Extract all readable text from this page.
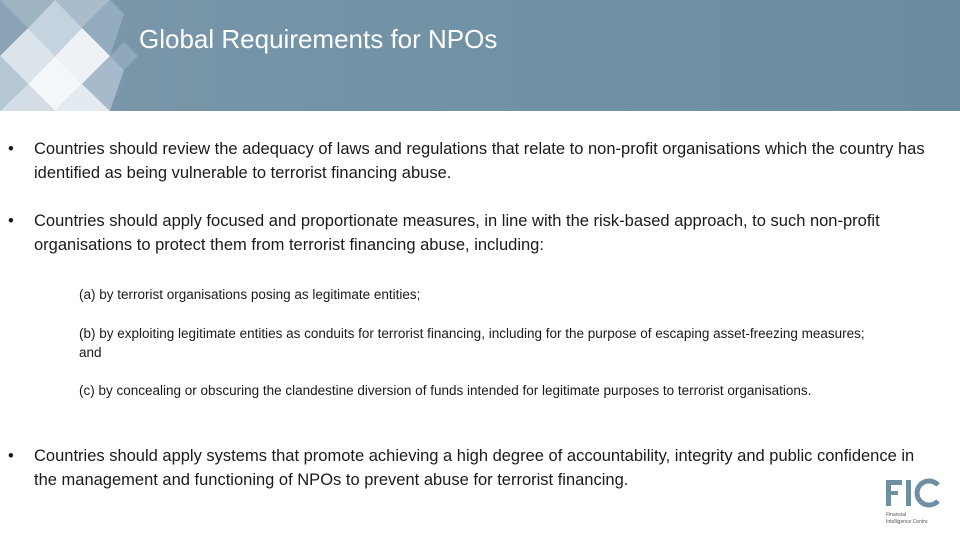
Global Requirements for NPOs
•	Countries should review the adequacy of laws and regulations that relate to non-profit organisations which the country has identified as being vulnerable to terrorist financing abuse.
•	Countries should apply focused and proportionate measures, in line with the risk-based approach, to such non-profit organisations to protect them from terrorist financing abuse, including:
(a) by terrorist organisations posing as legitimate entities;
(b) by exploiting legitimate entities as conduits for terrorist financing, including for the purpose of escaping asset-freezing measures; and
(c) by concealing or obscuring the clandestine diversion of funds intended for legitimate purposes to terrorist organisations.
•	Countries should apply systems that promote achieving a high degree of accountability, integrity and public confidence in the management and functioning of NPOs to prevent abuse for terrorist financing.
Financial
Intelligence Centre
